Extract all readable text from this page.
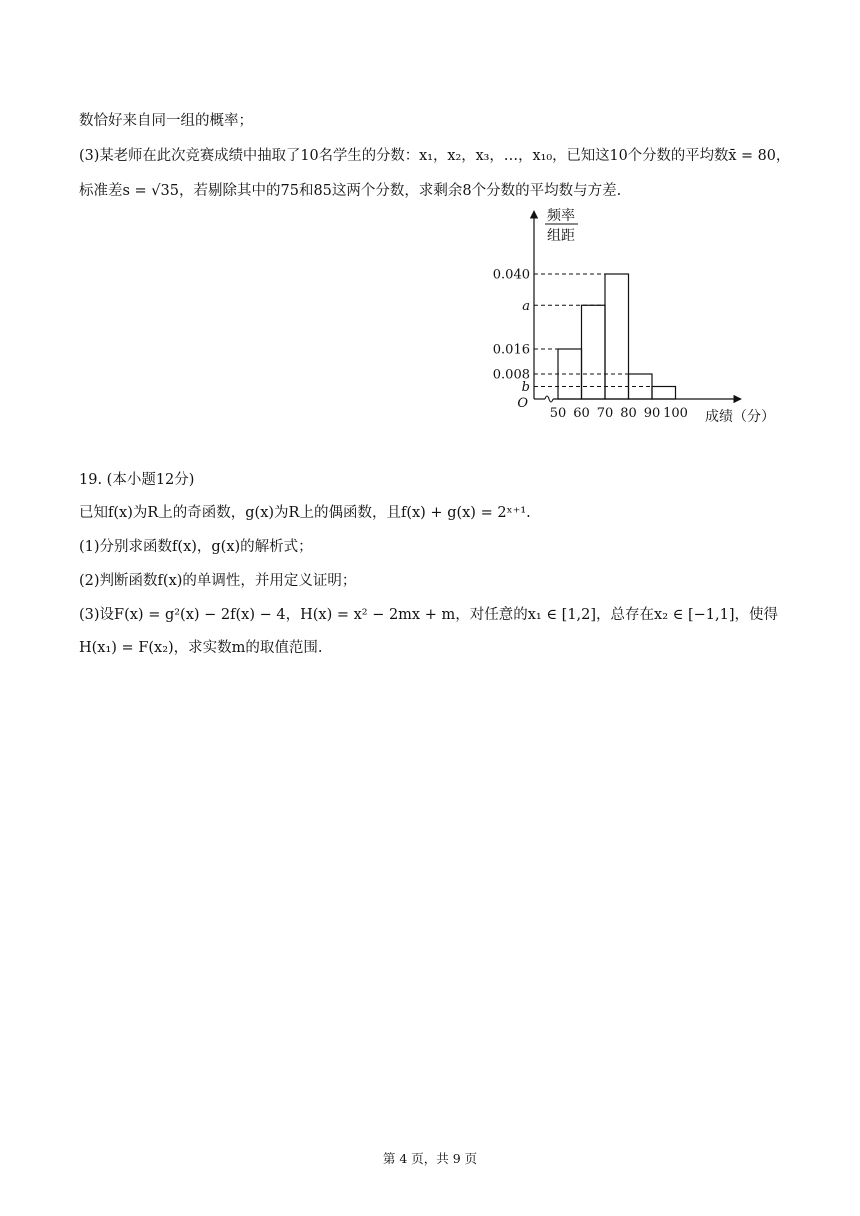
数恰好来自同一组的概率；
(3)某老师在此次竞赛成绩中抽取了10名学生的分数：x₁，x₂，x₃，…，x₁₀，已知这10个分数的平均数x̄ = 80，
标准差s = √35，若剔除其中的75和85这两个分数，求剩余8个分数的平均数与方差.
频率
组距
O
成绩（分）
0.040
a
0.016
0.008
b
50 60 70 80 90 100
19. (本小题12分)
已知f(x)为R上的奇函数，g(x)为R上的偶函数，且f(x) + g(x) = 2ˣ⁺¹.
(1)分别求函数f(x)，g(x)的解析式；
(2)判断函数f(x)的单调性，并用定义证明；
(3)设F(x) = g²(x) − 2f(x) − 4，H(x) = x² − 2mx + m，对任意的x₁ ∈ [1,2]，总存在x₂ ∈ [−1,1]，使得
H(x₁) = F(x₂)，求实数m的取值范围.
第 4 页，共 9 页
